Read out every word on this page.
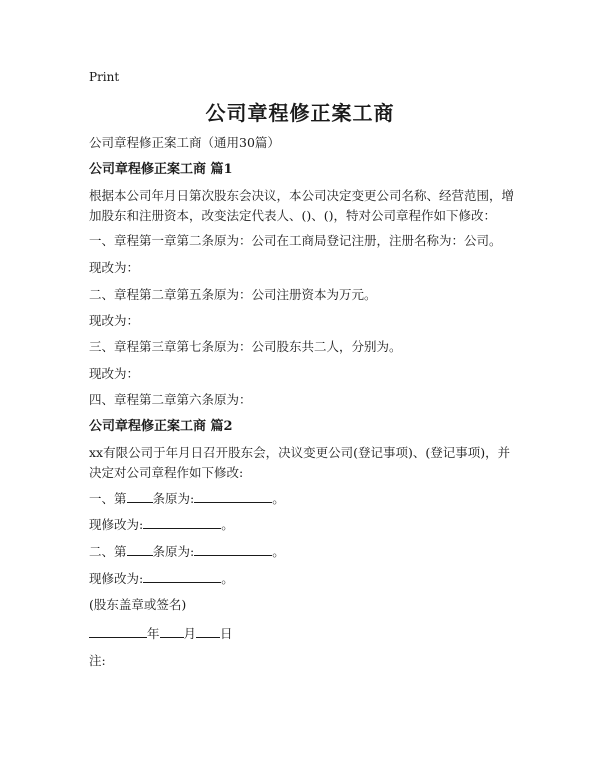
Print
公司章程修正案工商
公司章程修正案工商（通用30篇）
公司章程修正案工商 篇1
根据本公司年月日第次股东会决议，本公司决定变更公司名称、经营范围，增加股东和注册资本，改变法定代表人、()、()，特对公司章程作如下修改：
一、章程第一章第二条原为：公司在工商局登记注册，注册名称为：公司。
现改为：
二、章程第二章第五条原为：公司注册资本为万元。
现改为：
三、章程第三章第七条原为：公司股东共二人，分别为。
现改为：
四、章程第二章第六条原为：
公司章程修正案工商 篇2
xx有限公司于年月日召开股东会，决议变更公司(登记事项)、(登记事项)，并决定对公司章程作如下修改:
一、第 条原为:	。
现修改为:	。
二、第 条原为:	。
现修改为:	。
(股东盖章或签名)
年 月 日
注:
